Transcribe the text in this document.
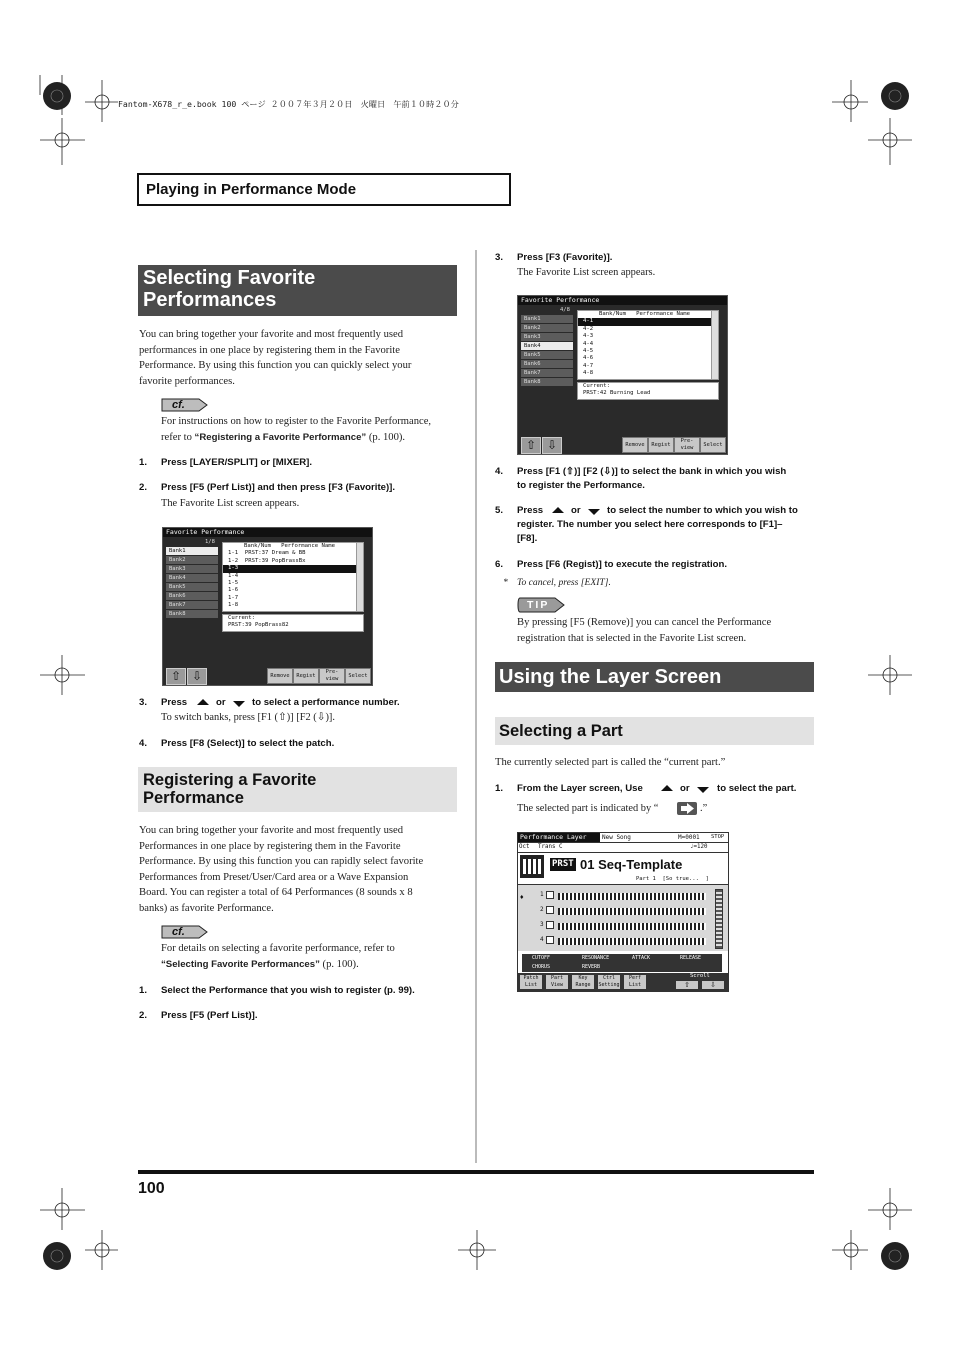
Fantom-X678_r_e.book 100 ページ ２００７年３月２０日　火曜日　午前１０時２０分
Playing in Performance Mode
Selecting Favorite
Performances
You can bring together your favorite and most frequently used
performances in one place by registering them in the Favorite
Performance. By using this function you can quickly select your
favorite performances.
cf.
For instructions on how to register to the Favorite Performance,
refer to “Registering a Favorite Performance” (p. 100).
1. Press [LAYER/SPLIT] or [MIXER].
2. Press [F5 (Perf List)] and then press [F3 (Favorite)].
The Favorite List screen appears.
Favorite Performance
1/8
Bank1
Bank2
Bank3
Bank4
Bank5
Bank6
Bank7
Bank8
Bank/Num   Performance Name
1-1  PRST:37 Dream & BB
1-2  PRST:39 PopBrassBx
1-3
1-4
1-5
1-6
1-7
1-8
Current:
PRST:39 PopBrass82
⇧ ⇩	Remove	Regist
Pre-view	Select
3. Press	or	to select a performance number.
To switch banks, press [F1 (⇧)] [F2 (⇩)].
4. Press [F8 (Select)] to select the patch.
Registering a Favorite
Performance
You can bring together your favorite and most frequently used
Performances in one place by registering them in the Favorite
Performance. By using this function you can rapidly select favorite
Performances from Preset/User/Card area or a Wave Expansion
Board. You can register a total of 64 Performances (8 sounds x 8
banks) as favorite Performance.
cf.
For details on selecting a favorite performance, refer to
“Selecting Favorite Performances” (p. 100).
1. Select the Performance that you wish to register (p. 99).
2. Press [F5 (Perf List)].
100
3. Press [F3 (Favorite)].
The Favorite List screen appears.
Favorite Performance
4/8
Bank1
Bank2
Bank3
Bank4
Bank5
Bank6
Bank7
Bank8
Bank/Num   Performance Name
4-1
4-2
4-3
4-4
4-5
4-6
4-7
4-8
Current:
PRST:42 Burning Lead
⇧ ⇩	Remove	Regist
Pre-view	Select
4. Press [F1 (⇧)] [F2 (⇩)] to select the bank in which you wish
to register the Performance.
5. Press	or	to select the number to which you wish to
register. The number you select here corresponds to [F1]–
[F8].
6. Press [F6 (Regist)] to execute the registration.
* To cancel, press [EXIT].
TIP
By pressing [F5 (Remove)] you can cancel the Performance
registration that is selected in the Favorite List screen.
Using the Layer Screen
Selecting a Part
The currently selected part is called the “current part.”
1. From the Layer screen, Use	or	to select the part.
The selected part is indicated by “	.”
Performance Layer	New Song	M=0001 STOP
Oct Trans C	♩=120
PRST 01 Seq-Template
Part 1  [So true...  ]
♦	1
2
3
4
CUTOFF	RESONANCE	ATTACK	RELEASE
CHORUS	REVERB
Patch List
Part View
Key Range
Ctrl Setting
Perf List
Scroll
⇧	⇩
